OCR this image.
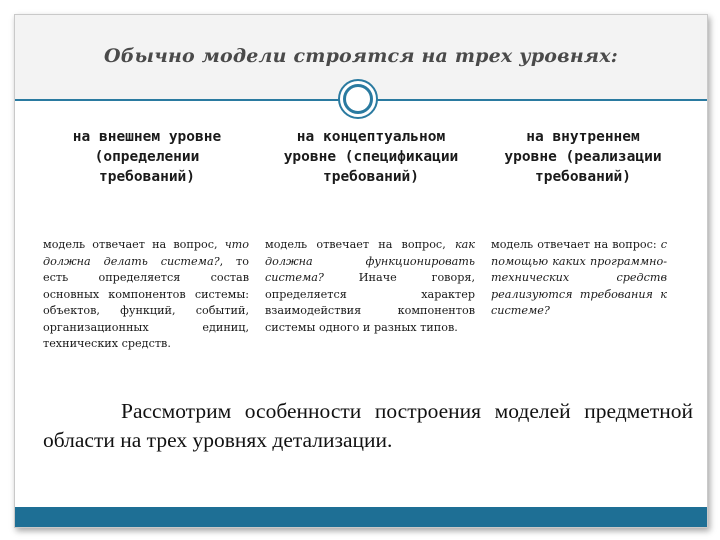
Обычно модели строятся на трех уровнях:
на внешнем уровне (определении требований)
модель отвечает на вопрос, что должна делать система?, то есть определяется состав основных компонентов системы: объектов, функций, событий, организационных единиц, технических средств.
на концептуальном уровне (спецификации требований)
модель отвечает на вопрос, как должна функционировать система? Иначе говоря, определяется характер взаимодействия компонентов системы одного и разных типов.
на внутреннем уровне (реализации требований)
модель отвечает на вопрос: с помощью каких программно-технических средств реализуются требования к системе?
Рассмотрим особенности построения моделей предметной области на трех уровнях детализации.
